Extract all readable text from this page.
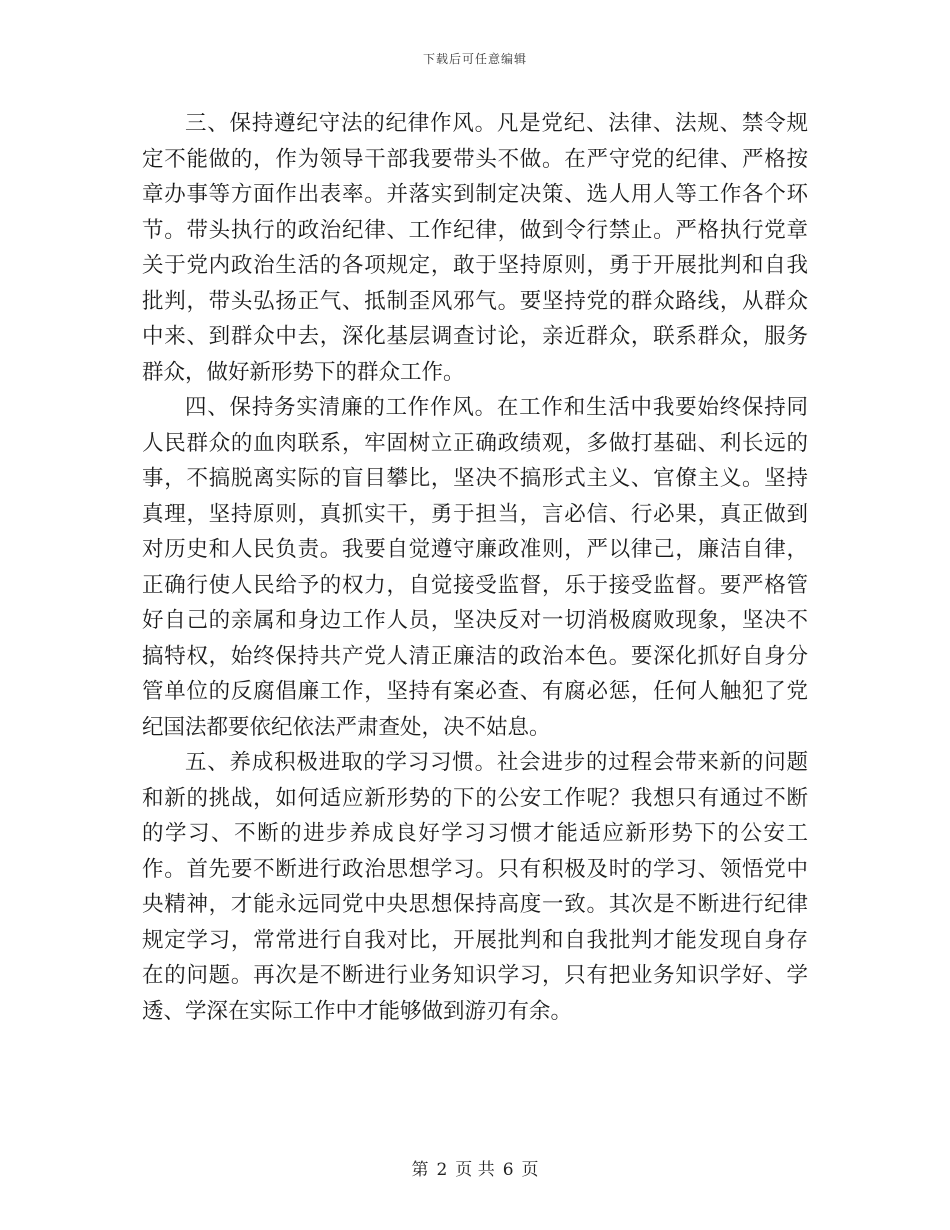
下载后可任意编辑

三、保持遵纪守法的纪律作风。凡是党纪、法律、法规、禁令规定不能做的，作为领导干部我要带头不做。在严守党的纪律、严格按章办事等方面作出表率。并落实到制定决策、选人用人等工作各个环节。带头执行的政治纪律、工作纪律，做到令行禁止。严格执行党章关于党内政治生活的各项规定，敢于坚持原则，勇于开展批判和自我批判，带头弘扬正气、抵制歪风邪气。要坚持党的群众路线，从群众中来、到群众中去，深化基层调查讨论，亲近群众，联系群众，服务群众，做好新形势下的群众工作。

四、保持务实清廉的工作作风。在工作和生活中我要始终保持同人民群众的血肉联系，牢固树立正确政绩观，多做打基础、利长远的事，不搞脱离实际的盲目攀比，坚决不搞形式主义、官僚主义。坚持真理，坚持原则，真抓实干，勇于担当，言必信、行必果，真正做到对历史和人民负责。我要自觉遵守廉政准则，严以律己，廉洁自律，正确行使人民给予的权力，自觉接受监督，乐于接受监督。要严格管好自己的亲属和身边工作人员，坚决反对一切消极腐败现象，坚决不搞特权，始终保持共产党人清正廉洁的政治本色。要深化抓好自身分管单位的反腐倡廉工作，坚持有案必查、有腐必惩，任何人触犯了党纪国法都要依纪依法严肃查处，决不姑息。

五、养成积极进取的学习习惯。社会进步的过程会带来新的问题和新的挑战，如何适应新形势的下的公安工作呢？我想只有通过不断的学习、不断的进步养成良好学习习惯才能适应新形势下的公安工作。首先要不断进行政治思想学习。只有积极及时的学习、领悟党中央精神，才能永远同党中央思想保持高度一致。其次是不断进行纪律规定学习，常常进行自我对比，开展批判和自我批判才能发现自身存在的问题。再次是不断进行业务知识学习，只有把业务知识学好、学透、学深在实际工作中才能够做到游刃有余。

第 2 页 共 6 页
